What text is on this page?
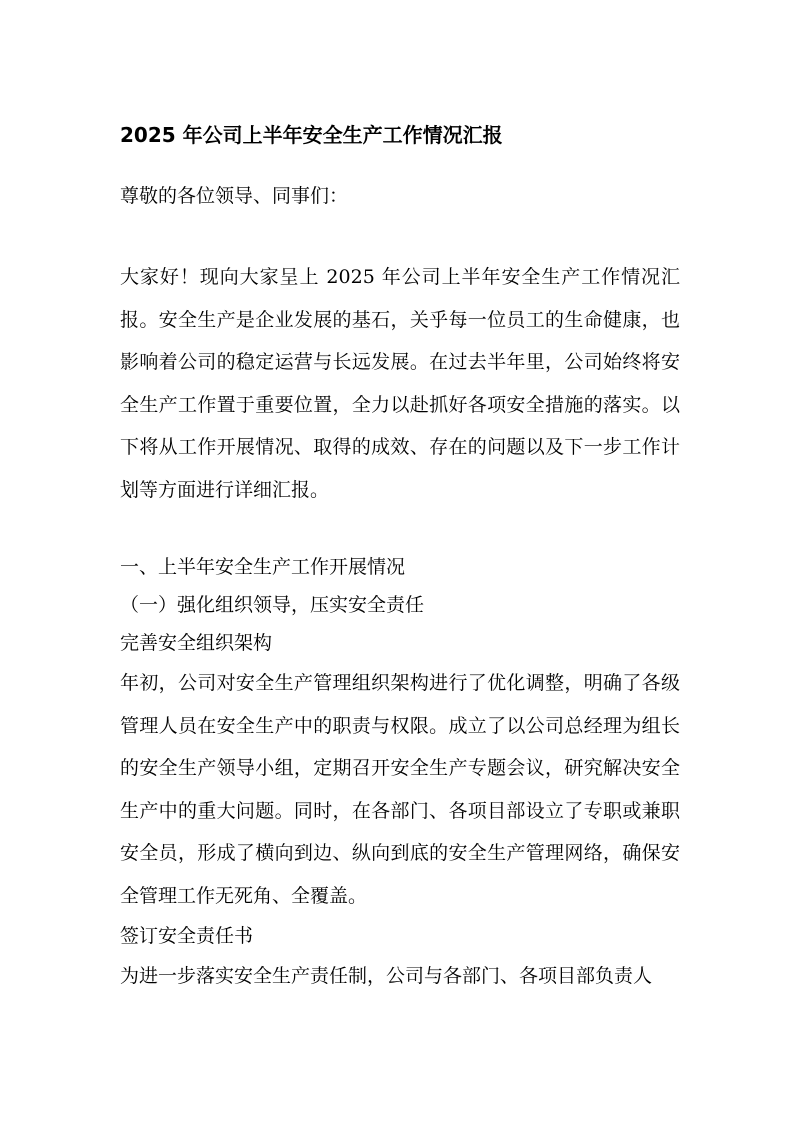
2025 年公司上半年安全生产工作情况汇报
尊敬的各位领导、同事们：

大家好！现向大家呈上 2025 年公司上半年安全生产工作情况汇报。安全生产是企业发展的基石，关乎每一位员工的生命健康，也影响着公司的稳定运营与长远发展。在过去半年里，公司始终将安全生产工作置于重要位置，全力以赴抓好各项安全措施的落实。以下将从工作开展情况、取得的成效、存在的问题以及下一步工作计划等方面进行详细汇报。

一、上半年安全生产工作开展情况

（一）强化组织领导，压实安全责任

完善安全组织架构

年初，公司对安全生产管理组织架构进行了优化调整，明确了各级管理人员在安全生产中的职责与权限。成立了以公司总经理为组长的安全生产领导小组，定期召开安全生产专题会议，研究解决安全生产中的重大问题。同时，在各部门、各项目部设立了专职或兼职安全员，形成了横向到边、纵向到底的安全生产管理网络，确保安全管理工作无死角、全覆盖。

签订安全责任书

为进一步落实安全生产责任制，公司与各部门、各项目部负责人
